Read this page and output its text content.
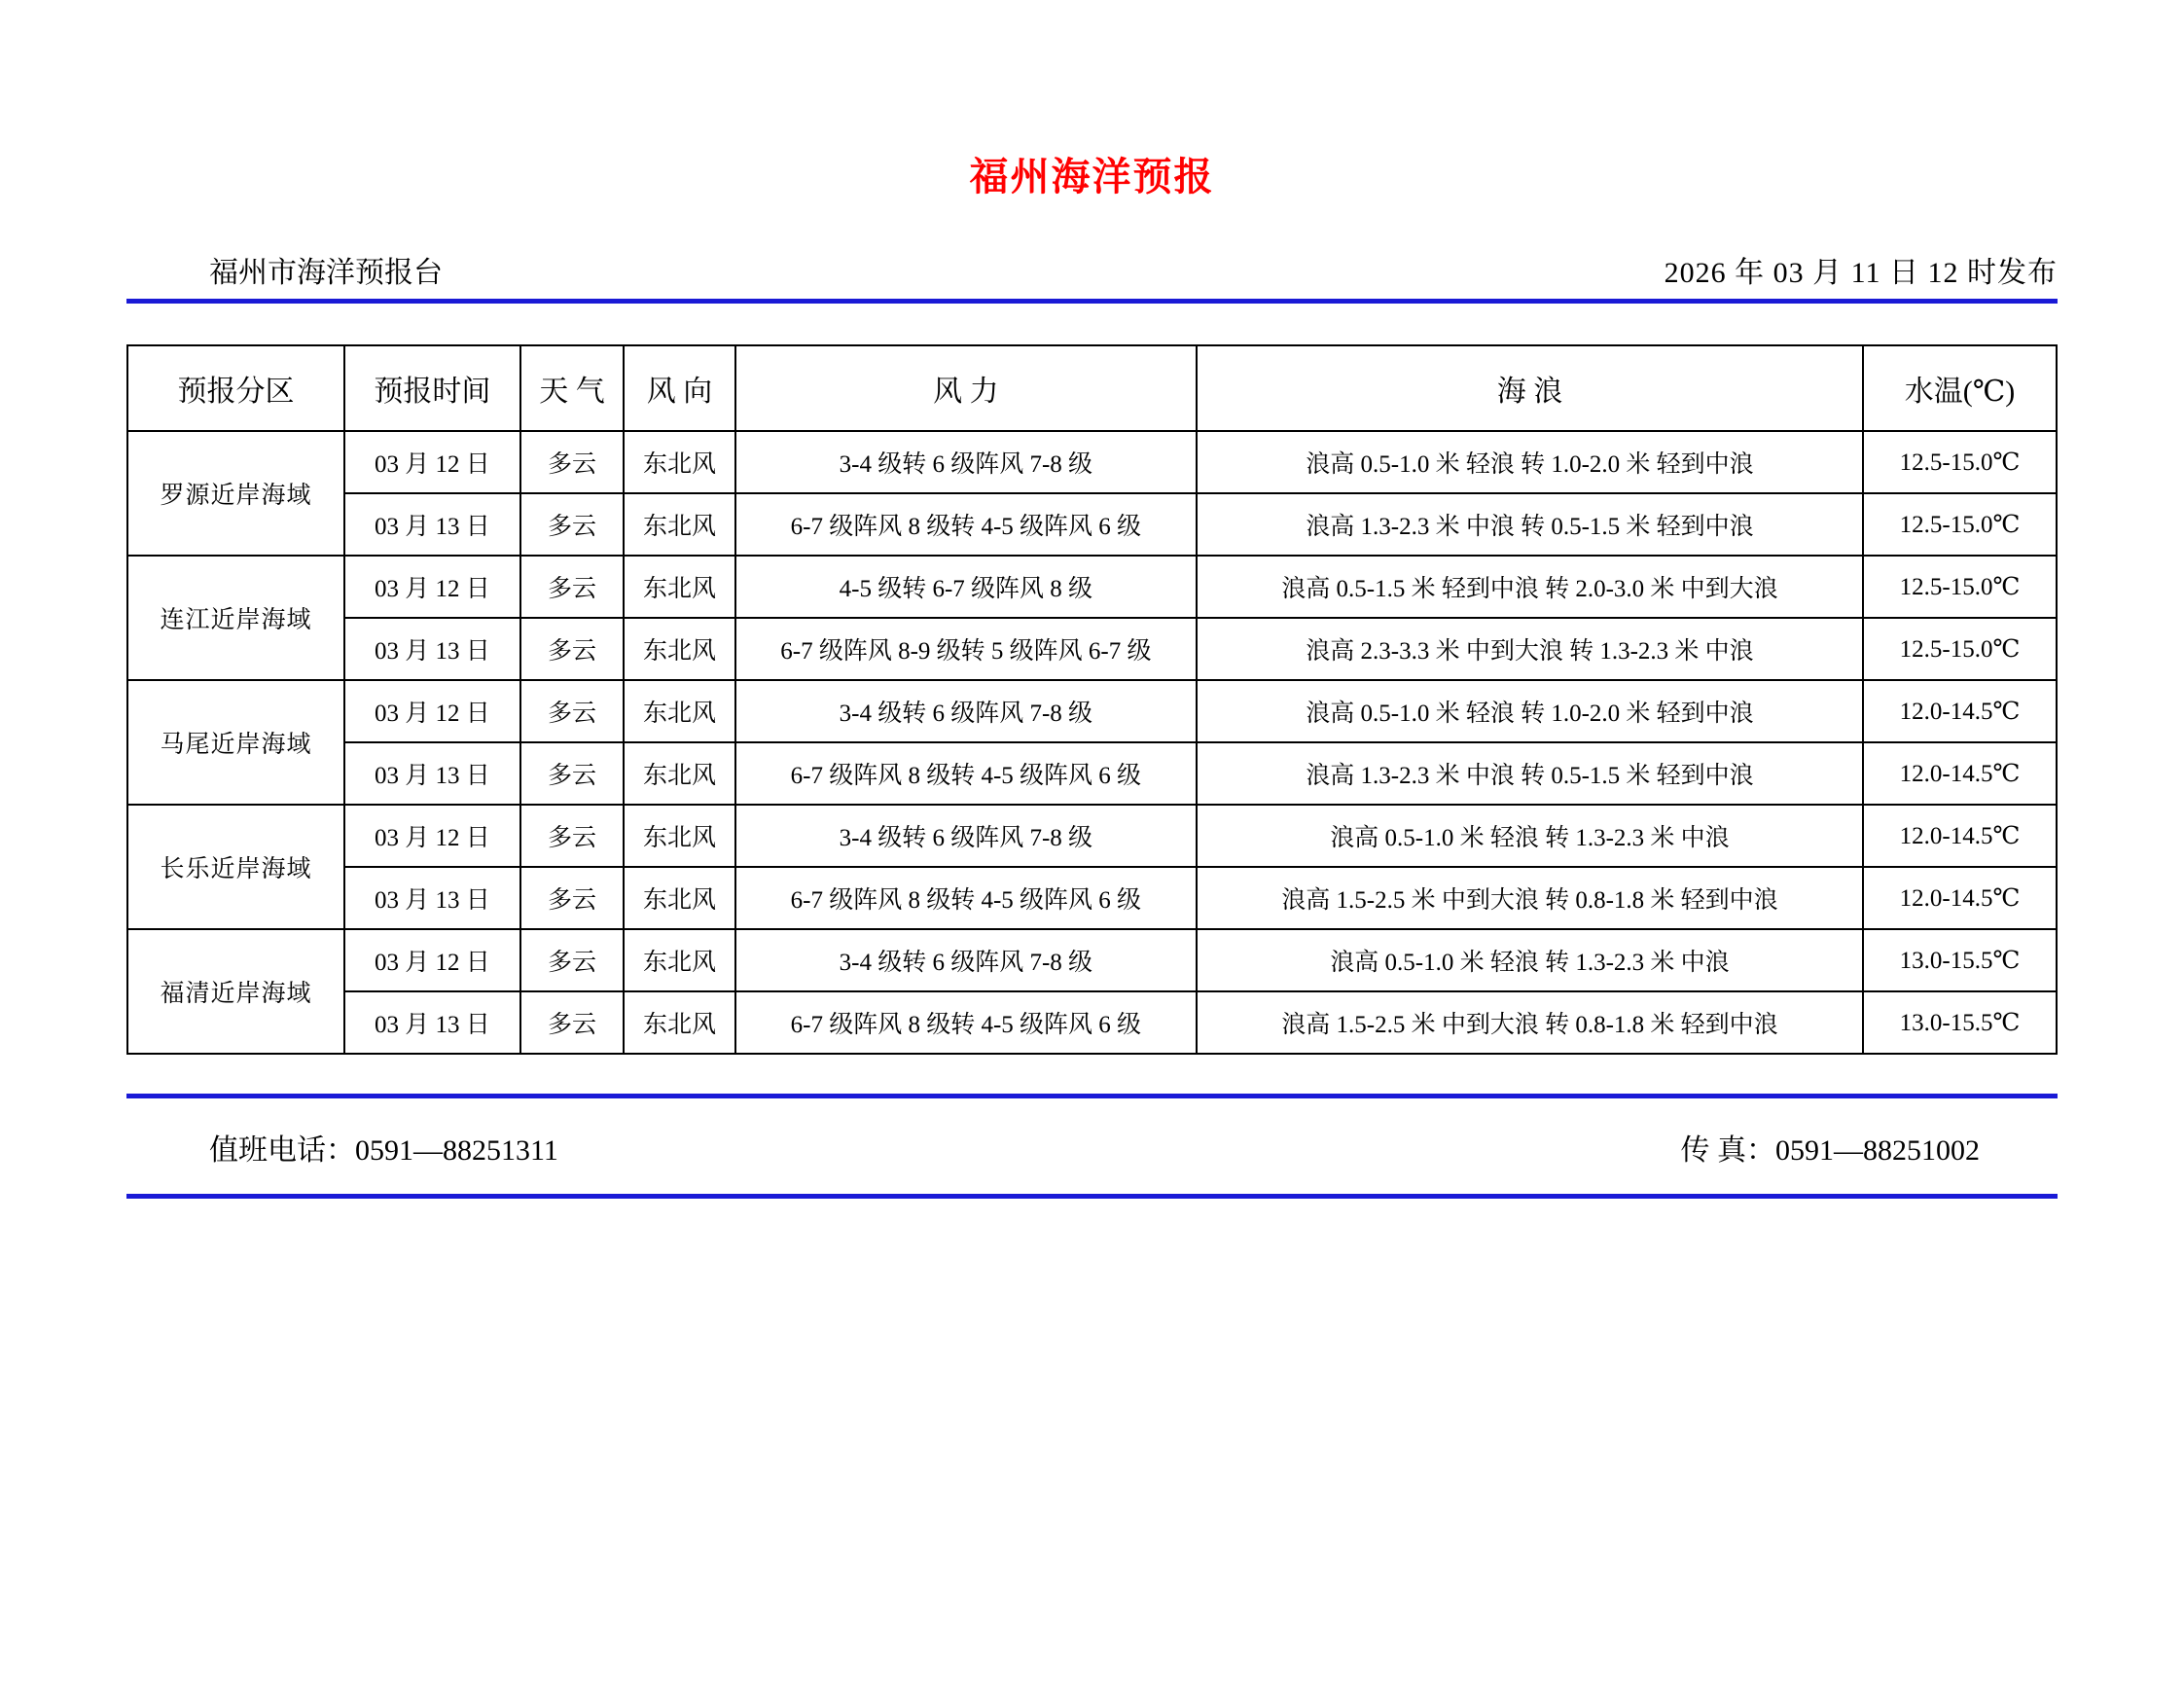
福州海洋预报
福州市海洋预报台	2026 年 03 月 11 日 12 时发布
预报分区	预报时间	天 气	风 向	风 力	海 浪	水温(℃)
罗源近岸海域	03 月 12 日	多云	东北风	3-4 级转 6 级阵风 7-8 级	浪高 0.5-1.0 米 轻浪 转 1.0-2.0 米 轻到中浪	12.5-15.0℃
	03 月 13 日	多云	东北风	6-7 级阵风 8 级转 4-5 级阵风 6 级	浪高 1.3-2.3 米 中浪 转 0.5-1.5 米 轻到中浪	12.5-15.0℃
连江近岸海域	03 月 12 日	多云	东北风	4-5 级转 6-7 级阵风 8 级	浪高 0.5-1.5 米 轻到中浪 转 2.0-3.0 米 中到大浪	12.5-15.0℃
	03 月 13 日	多云	东北风	6-7 级阵风 8-9 级转 5 级阵风 6-7 级	浪高 2.3-3.3 米 中到大浪 转 1.3-2.3 米 中浪	12.5-15.0℃
马尾近岸海域	03 月 12 日	多云	东北风	3-4 级转 6 级阵风 7-8 级	浪高 0.5-1.0 米 轻浪 转 1.0-2.0 米 轻到中浪	12.0-14.5℃
	03 月 13 日	多云	东北风	6-7 级阵风 8 级转 4-5 级阵风 6 级	浪高 1.3-2.3 米 中浪 转 0.5-1.5 米 轻到中浪	12.0-14.5℃
长乐近岸海域	03 月 12 日	多云	东北风	3-4 级转 6 级阵风 7-8 级	浪高 0.5-1.0 米 轻浪 转 1.3-2.3 米 中浪	12.0-14.5℃
	03 月 13 日	多云	东北风	6-7 级阵风 8 级转 4-5 级阵风 6 级	浪高 1.5-2.5 米 中到大浪 转 0.8-1.8 米 轻到中浪	12.0-14.5℃
福清近岸海域	03 月 12 日	多云	东北风	3-4 级转 6 级阵风 7-8 级	浪高 0.5-1.0 米 轻浪 转 1.3-2.3 米 中浪	13.0-15.5℃
	03 月 13 日	多云	东北风	6-7 级阵风 8 级转 4-5 级阵风 6 级	浪高 1.5-2.5 米 中到大浪 转 0.8-1.8 米 轻到中浪	13.0-15.5℃
值班电话：0591—88251311	传 真：0591—88251002
